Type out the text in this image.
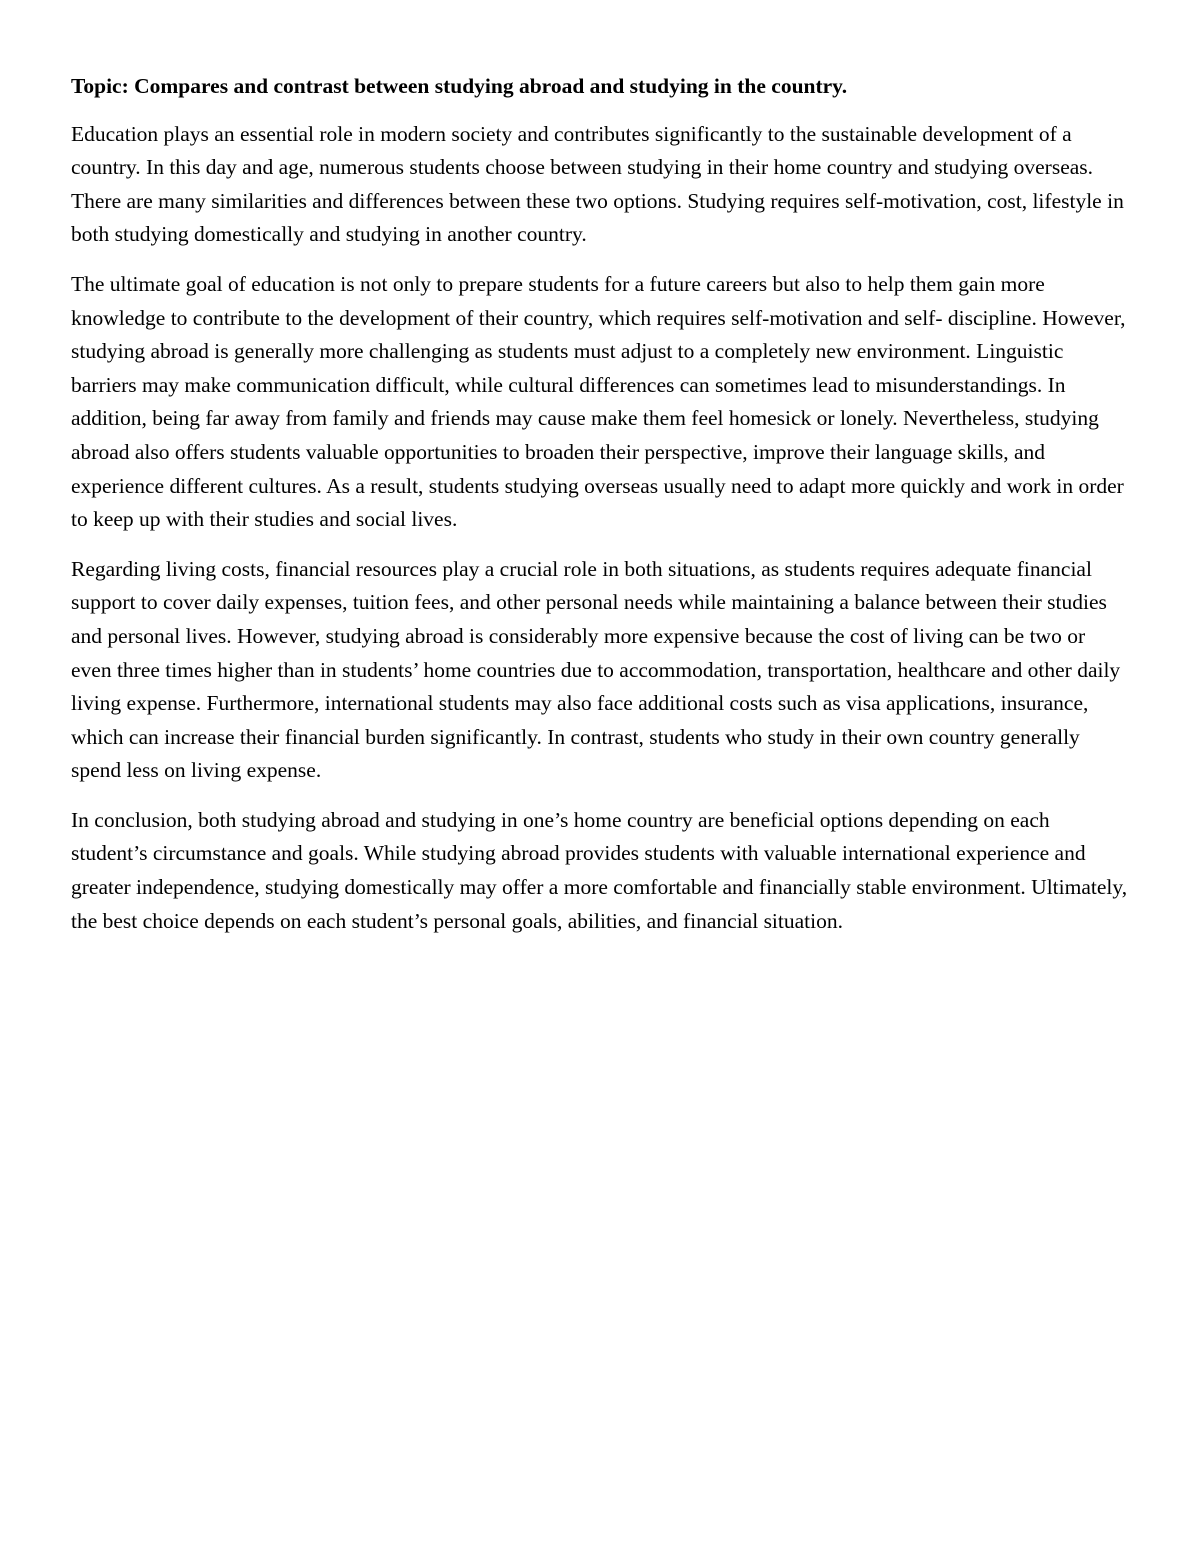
Topic: Compares and contrast between studying abroad and studying in the country.

Education plays an essential role in modern society and contributes significantly to the sustainable development of a country. In this day and age, numerous students choose between studying in their home country and studying overseas. There are many similarities and differences between these two options. Studying requires self-motivation, cost, lifestyle in both studying domestically and studying in another country.

The ultimate goal of education is not only to prepare students for a future careers but also to help them gain more knowledge to contribute to the development of their country, which requires self-motivation and self- discipline. However, studying abroad is generally more challenging as students must adjust to a completely new environment. Linguistic barriers may make communication difficult, while cultural differences can sometimes lead to misunderstandings. In addition, being far away from family and friends may cause make them feel homesick or lonely. Nevertheless, studying abroad also offers students valuable opportunities to broaden their perspective, improve their language skills, and experience different cultures. As a result, students studying overseas usually need to adapt more quickly and work in order to keep up with their studies and social lives.

Regarding living costs, financial resources play a crucial role in both situations, as students requires adequate financial support to cover daily expenses, tuition fees, and other personal needs while maintaining a balance between their studies and personal lives. However, studying abroad is considerably more expensive because the cost of living can be two or even three times higher than in students’ home countries due to accommodation, transportation, healthcare and other daily living expense. Furthermore, international students may also face additional costs such as visa applications, insurance, which can increase their financial burden significantly. In contrast, students who study in their own country generally spend less on living expense.

In conclusion, both studying abroad and studying in one’s home country are beneficial options depending on each student’s circumstance and goals. While studying abroad provides students with valuable international experience and greater independence, studying domestically may offer a more comfortable and financially stable environment. Ultimately, the best choice depends on each student’s personal goals, abilities, and financial situation.
